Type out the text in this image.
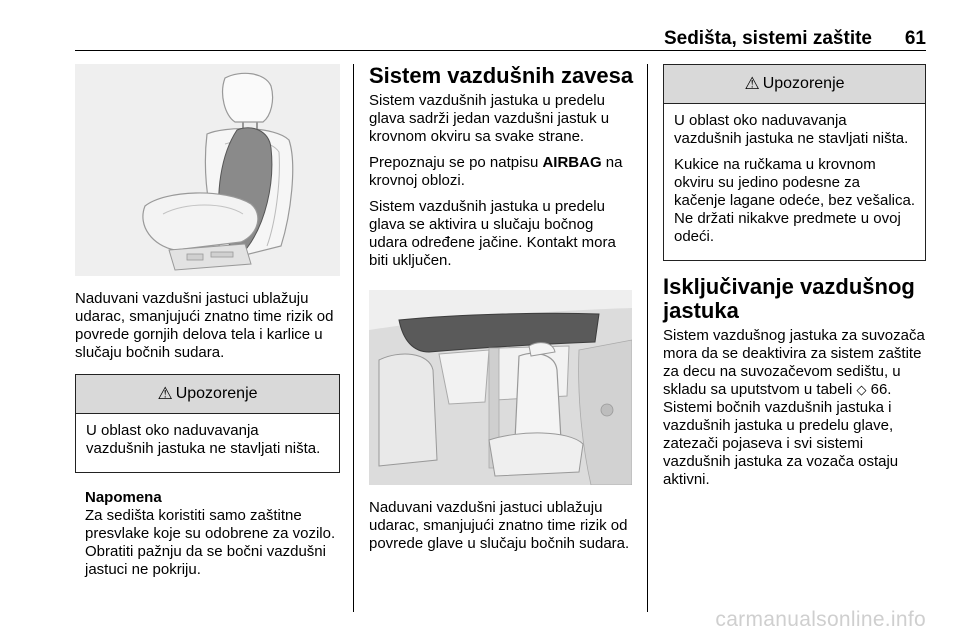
Sedišta, sistemi zaštite 61

Naduvani vazdušni jastuci ublažuju udarac, smanjujući znatno time rizik od povrede gornjih delova tela i karlice u slučaju bočnih sudara.

⚠ Upozorenje

U oblast oko naduvavanja vazdušnih jastuka ne stavljati ništa.

Napomena

Za sedišta koristiti samo zaštitne presvlake koje su odobrene za vozilo. Obratiti pažnju da se bočni vazdušni jastuci ne pokriju.

Sistem vazdušnih zavesa

Sistem vazdušnih jastuka u predelu glava sadrži jedan vazdušni jastuk u krovnom okviru sa svake strane.

Prepoznaju se po natpisu AIRBAG na krovnoj oblozi.

Sistem vazdušnih jastuka u predelu glava se aktivira u slučaju bočnog udara određene jačine. Kontakt mora biti uključen.

Naduvani vazdušni jastuci ublažuju udarac, smanjujući znatno time rizik od povrede glave u slučaju bočnih sudara.

⚠ Upozorenje

U oblast oko naduvavanja vazdušnih jastuka ne stavljati ništa.

Kukice na ručkama u krovnom okviru su jedino podesne za kačenje lagane odeće, bez vešalica. Ne držati nikakve predmete u ovoj odeći.

Isključivanje vazdušnog jastuka

Sistem vazdušnog jastuka za suvozača mora da se deaktivira za sistem zaštite za decu na suvozačevom sedištu, u skladu sa uputstvom u tabeli ◇ 66. Sistemi bočnih vazdušnih jastuka i vazdušnih jastuka u predelu glave, zatezači pojaseva i svi sistemi vazdušnih jastuka za vozača ostaju aktivni.

carmanualsonline.info
